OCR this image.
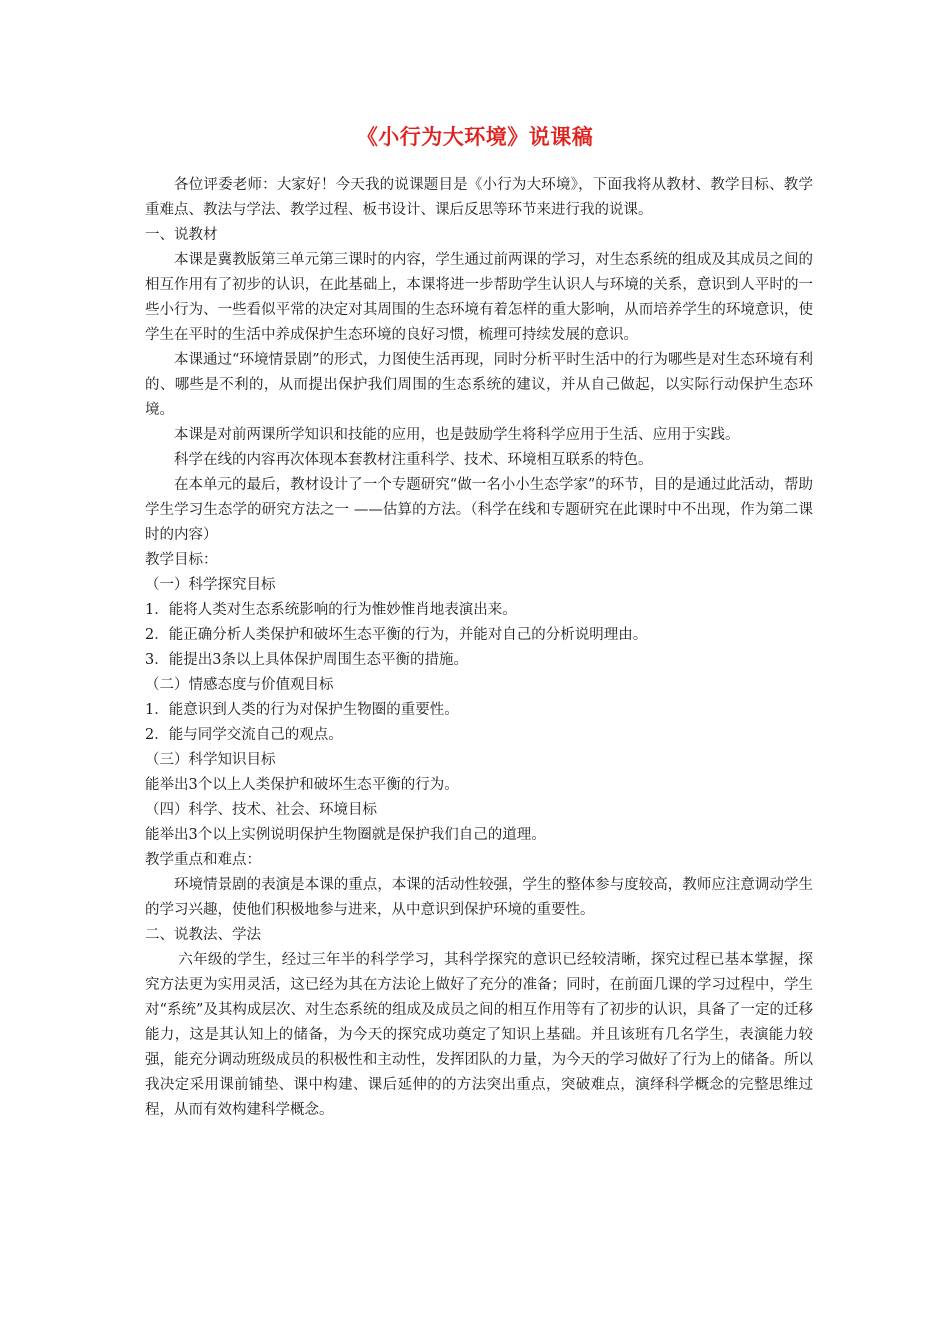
《小行为大环境》说课稿

各位评委老师：大家好！今天我的说课题目是《小行为大环境》，下面我将从教材、教学目标、教学重难点、教法与学法、教学过程、板书设计、课后反思等环节来进行我的说课。

一、说教材

本课是冀教版第三单元第三课时的内容，学生通过前两课的学习，对生态系统的组成及其成员之间的相互作用有了初步的认识，在此基础上，本课将进一步帮助学生认识人与环境的关系，意识到人平时的一些小行为、一些看似平常的决定对其周围的生态环境有着怎样的重大影响，从而培养学生的环境意识，使学生在平时的生活中养成保护生态环境的良好习惯，梳理可持续发展的意识。

本课通过“环境情景剧”的形式，力图使生活再现，同时分析平时生活中的行为哪些是对生态环境有利的、哪些是不利的，从而提出保护我们周围的生态系统的建议，并从自己做起，以实际行动保护生态环境。

本课是对前两课所学知识和技能的应用，也是鼓励学生将科学应用于生活、应用于实践。

科学在线的内容再次体现本套教材注重科学、技术、环境相互联系的特色。

在本单元的最后，教材设计了一个专题研究“做一名小小生态学家”的环节，目的是通过此活动，帮助学生学习生态学的研究方法之一 ——估算的方法。（科学在线和专题研究在此课时中不出现，作为第二课时的内容）

教学目标：

（一）科学探究目标

1．能将人类对生态系统影响的行为惟妙惟肖地表演出来。

2．能正确分析人类保护和破坏生态平衡的行为，并能对自己的分析说明理由。

3．能提出3条以上具体保护周围生态平衡的措施。

（二）情感态度与价值观目标

1．能意识到人类的行为对保护生物圈的重要性。

2．能与同学交流自己的观点。

（三）科学知识目标

能举出3个以上人类保护和破坏生态平衡的行为。

（四）科学、技术、社会、环境目标

能举出3个以上实例说明保护生物圈就是保护我们自己的道理。

教学重点和难点：

环境情景剧的表演是本课的重点，本课的活动性较强，学生的整体参与度较高，教师应注意调动学生的学习兴趣，使他们积极地参与进来，从中意识到保护环境的重要性。

二、说教法、学法

六年级的学生，经过三年半的科学学习，其科学探究的意识已经较清晰，探究过程已基本掌握，探究方法更为实用灵活，这已经为其在方法论上做好了充分的准备；同时，在前面几课的学习过程中，学生对“系统”及其构成层次、对生态系统的组成及成员之间的相互作用等有了初步的认识，具备了一定的迁移能力，这是其认知上的储备，为今天的探究成功奠定了知识上基础。并且该班有几名学生，表演能力较强，能充分调动班级成员的积极性和主动性，发挥团队的力量，为今天的学习做好了行为上的储备。所以我决定采用课前铺垫、课中构建、课后延伸的的方法突出重点，突破难点，演绎科学概念的完整思维过程，从而有效构建科学概念。
